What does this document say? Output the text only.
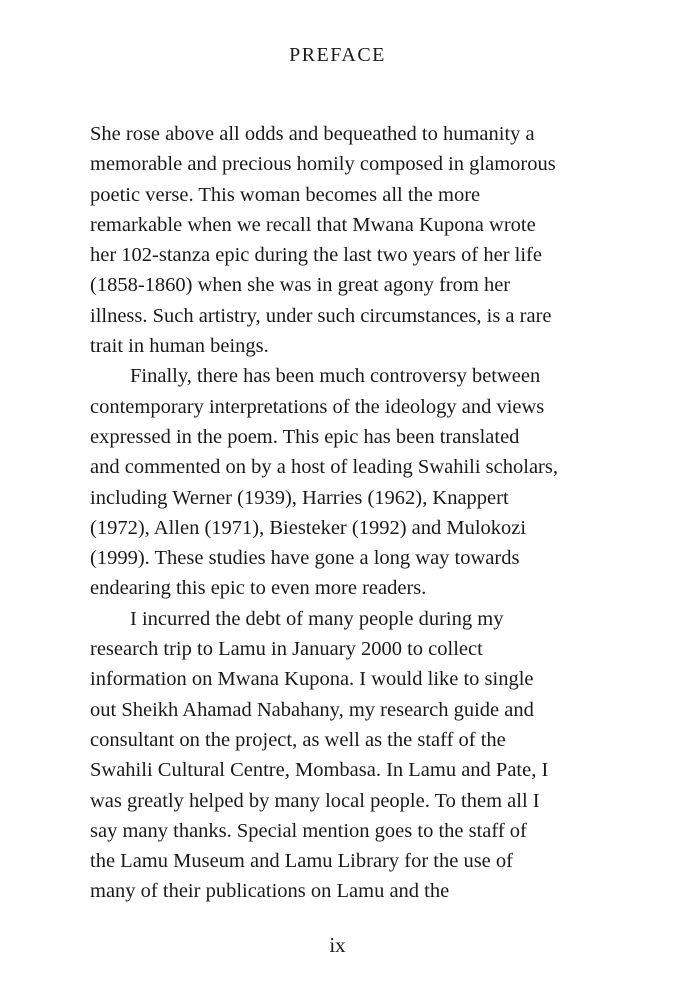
PREFACE
She rose above all odds and bequeathed to humanity a
memorable and precious homily composed in glamorous
poetic verse. This woman becomes all the more
remarkable when we recall that Mwana Kupona wrote
her 102-stanza epic during the last two years of her life
(1858-1860) when she was in great agony from her
illness. Such artistry, under such circumstances, is a rare
trait in human beings.
Finally, there has been much controversy between
contemporary interpretations of the ideology and views
expressed in the poem. This epic has been translated
and commented on by a host of leading Swahili scholars,
including Werner (1939), Harries (1962), Knappert
(1972), Allen (1971), Biesteker (1992) and Mulokozi
(1999). These studies have gone a long way towards
endearing this epic to even more readers.
I incurred the debt of many people during my
research trip to Lamu in January 2000 to collect
information on Mwana Kupona. I would like to single
out Sheikh Ahamad Nabahany, my research guide and
consultant on the project, as well as the staff of the
Swahili Cultural Centre, Mombasa. In Lamu and Pate, I
was greatly helped by many local people. To them all I
say many thanks. Special mention goes to the staff of
the Lamu Museum and Lamu Library for the use of
many of their publications on Lamu and the
ix
